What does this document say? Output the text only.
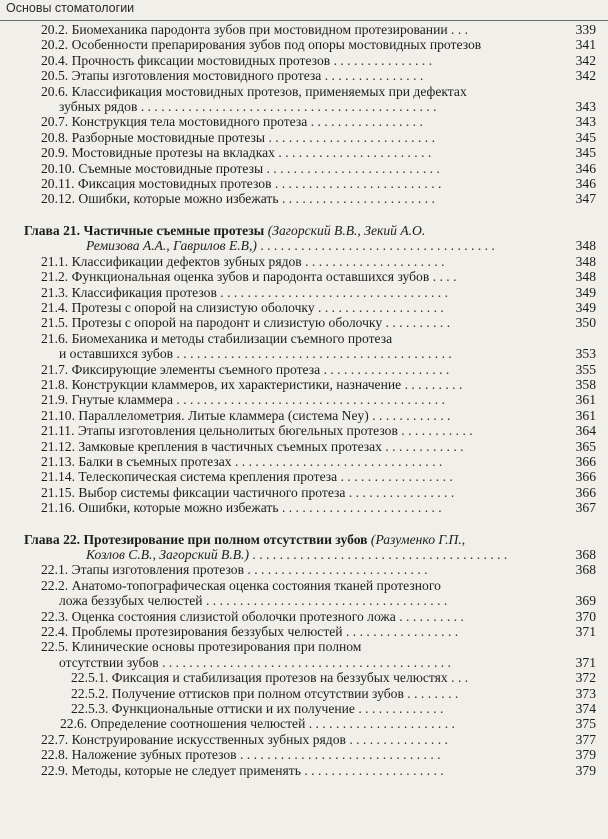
Основы стоматологии
20.2. Биомеханика пародонта зубов при мостовидном протезировании . . .	339
20.2. Особенности препарирования зубов под опоры мостовидных протезов	341
20.4. Прочность фиксации мостовидных протезов . . . . . . . . . . . . . . .	342
20.5. Этапы изготовления мостовидного протеза . . . . . . . . . . . . . . .	342
20.6. Классификация мостовидных протезов, применяемых при дефектах
зубных рядов . . . . . . . . . . . . . . . . . . . . . . . . . . . . . . . . . . . . . . . . . . . .	343
20.7. Конструкция тела мостовидного протеза . . . . . . . . . . . . . . . . .	343
20.8. Разборные мостовидные протезы . . . . . . . . . . . . . . . . . . . . . . . . .	345
20.9. Мостовидные протезы на вкладках . . . . . . . . . . . . . . . . . . . . . . .	345
20.10. Съемные мостовидные протезы . . . . . . . . . . . . . . . . . . . . . . . . . .	346
20.11. Фиксация мостовидных протезов . . . . . . . . . . . . . . . . . . . . . . . . .	346
20.12. Ошибки, которые можно избежать . . . . . . . . . . . . . . . . . . . . . . .	347
Глава 21. Частичные съемные протезы (Загорский В.В., Зекий А.О.
Ремизова А.А., Гаврилов Е.В,) . . . . . . . . . . . . . . . . . . . . . . . . . . . . . . . . . . .	348
21.1. Классификации дефектов зубных рядов . . . . . . . . . . . . . . . . . . . . .	348
21.2. Функциональная оценка зубов и пародонта оставшихся зубов . . . .	348
21.3. Классификация протезов . . . . . . . . . . . . . . . . . . . . . . . . . . . . . . . . . .	349
21.4. Протезы с опорой на слизистую оболочку . . . . . . . . . . . . . . . . . . .	349
21.5. Протезы с опорой на пародонт и слизистую оболочку . . . . . . . . . .	350
21.6. Биомеханика и методы стабилизации съемного протеза
и оставшихся зубов . . . . . . . . . . . . . . . . . . . . . . . . . . . . . . . . . . . . . . . . .	353
21.7. Фиксирующие элементы съемного протеза . . . . . . . . . . . . . . . . . . .	355
21.8. Конструкции кламмеров, их характеристики, назначение . . . . . . . . .	358
21.9. Гнутые кламмера . . . . . . . . . . . . . . . . . . . . . . . . . . . . . . . . . . . . . . . .	361
21.10. Параллелометрия. Литые кламмера (система Ney) . . . . . . . . . . . .	361
21.11. Этапы изготовления цельнолитых бюгельных протезов . . . . . . . . . . .	364
21.12. Замковые крепления в частичных съемных протезах . . . . . . . . . . . .	365
21.13. Балки в съемных протезах . . . . . . . . . . . . . . . . . . . . . . . . . . . . . . .	366
21.14. Телескопическая система крепления протеза . . . . . . . . . . . . . . . . .	366
21.15. Выбор системы фиксации частичного протеза . . . . . . . . . . . . . . . .	366
21.16. Ошибки, которые можно избежать . . . . . . . . . . . . . . . . . . . . . . . .	367
Глава 22. Протезирование при полном отсутствии зубов (Разуменко Г.П.,
Козлов С.В., Загорский В.В.) . . . . . . . . . . . . . . . . . . . . . . . . . . . . . . . . . . . . . .	368
22.1. Этапы изготовления протезов . . . . . . . . . . . . . . . . . . . . . . . . . . .	368
22.2. Анатомо-топографическая оценка состояния тканей протезного
ложа беззубых челюстей . . . . . . . . . . . . . . . . . . . . . . . . . . . . . . . . . . . .	369
22.3. Оценка состояния слизистой оболочки протезного ложа . . . . . . . . . .	370
22.4. Проблемы протезирования беззубых челюстей . . . . . . . . . . . . . . . . .	371
22.5. Клинические основы протезирования при полном
отсутствии зубов . . . . . . . . . . . . . . . . . . . . . . . . . . . . . . . . . . . . . . . . . . .	371
22.5.1. Фиксация и стабилизация протезов на беззубых челюстях . . .	372
22.5.2. Получение оттисков при полном отсутствии зубов . . . . . . . .	373
22.5.3. Функциональные оттиски и их получение . . . . . . . . . . . . .	374
22.6. Определение соотношения челюстей . . . . . . . . . . . . . . . . . . . . . .	375
22.7. Конструирование искусственных зубных рядов . . . . . . . . . . . . . . .	377
22.8. Наложение зубных протезов . . . . . . . . . . . . . . . . . . . . . . . . . . . . . .	379
22.9. Методы, которые не следует применять . . . . . . . . . . . . . . . . . . . . .	379
